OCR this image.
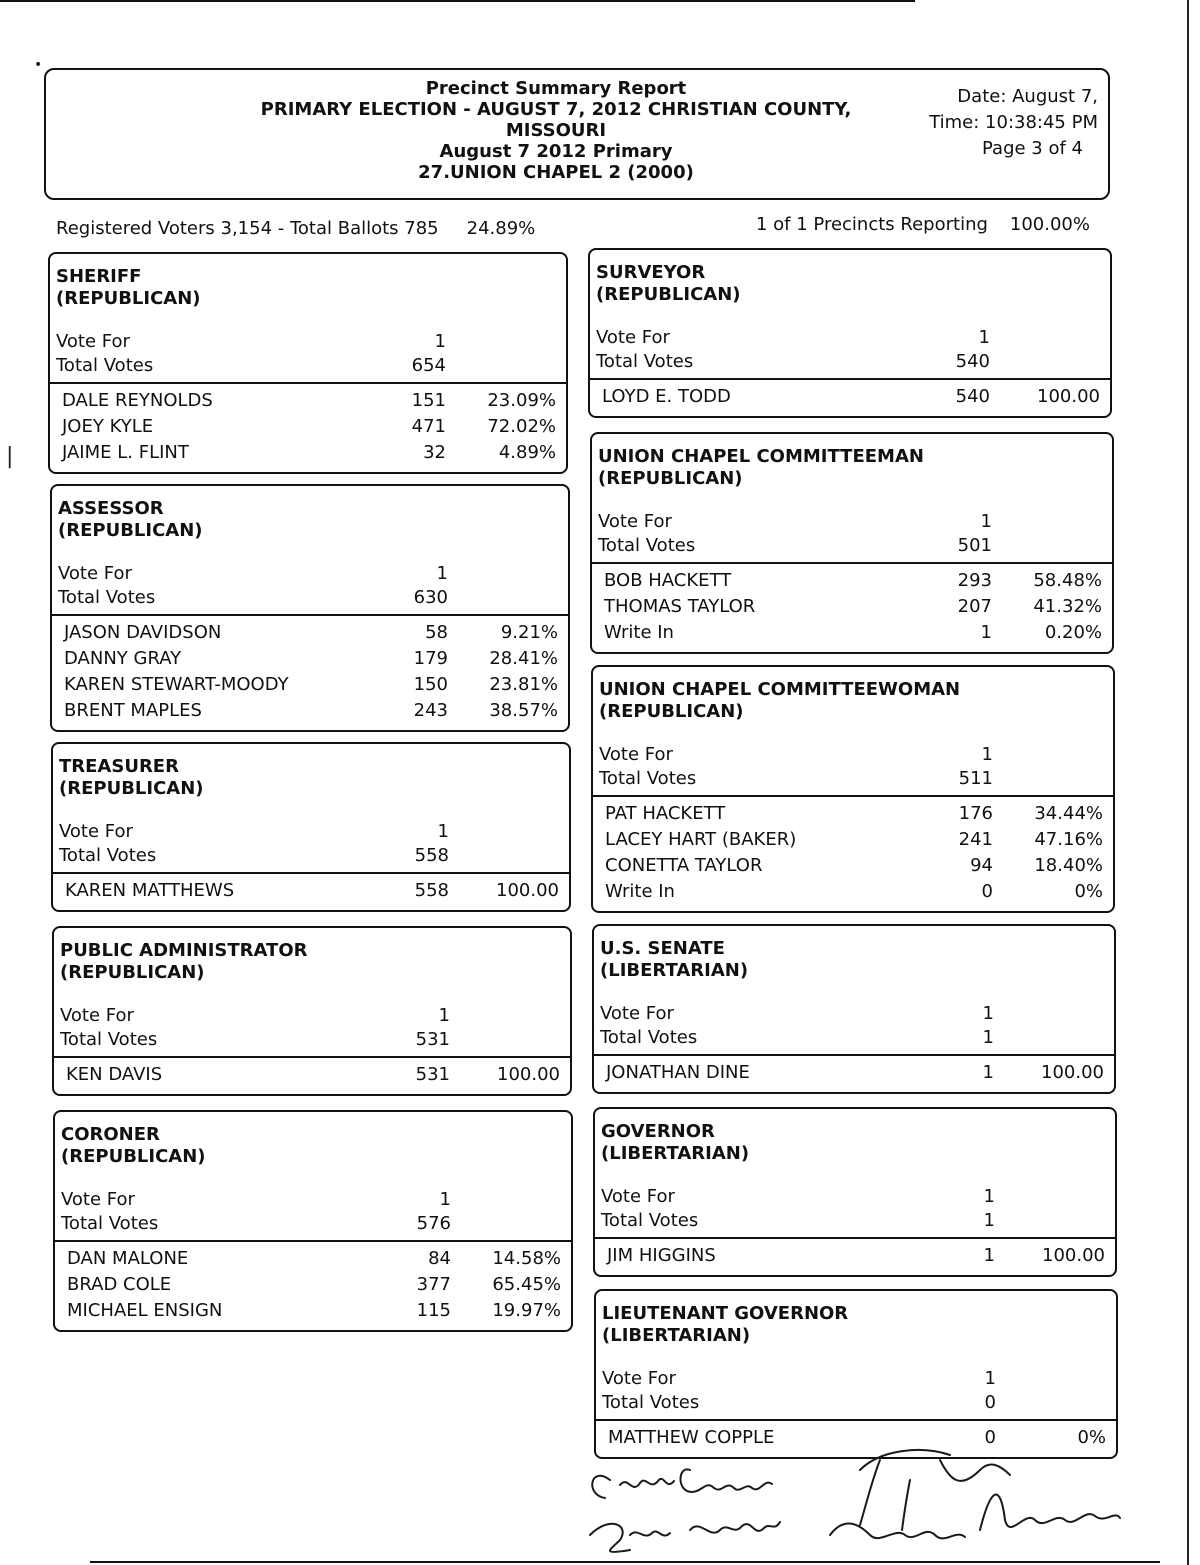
•
|
Precinct Summary Report
PRIMARY ELECTION - AUGUST 7, 2012 CHRISTIAN COUNTY,
MISSOURI
August 7 2012 Primary
27.UNION CHAPEL 2 (2000)
Date: August 7,
Time: 10:38:45 PM
Page 3 of 4
Registered Voters 3,154 - Total Ballots 785 24.89%	1 of 1 Precincts Reporting 100.00%
SHERIFF
(REPUBLICAN)
Vote For	1
Total Votes	654
DALE REYNOLDS	151 23.09%
JOEY KYLE	471 72.02%
JAIME L. FLINT	32	4.89%
ASSESSOR
(REPUBLICAN)
Vote For	1
Total Votes	630
JASON DAVIDSON	58	9.21%
DANNY GRAY	179 28.41%
KAREN STEWART-MOODY	150 23.81%
BRENT MAPLES	243 38.57%
TREASURER
(REPUBLICAN)
Vote For	1
Total Votes	558
KAREN MATTHEWS	558	100.00
PUBLIC ADMINISTRATOR
(REPUBLICAN)
Vote For	1
Total Votes	531
KEN DAVIS	531	100.00
CORONER
(REPUBLICAN)
Vote For	1
Total Votes	576
DAN MALONE	84 14.58%
BRAD COLE	377 65.45%
MICHAEL ENSIGN	115 19.97%
SURVEYOR
(REPUBLICAN)
Vote For	1
Total Votes	540
LOYD E. TODD	540	100.00
UNION CHAPEL COMMITTEEMAN
(REPUBLICAN)
Vote For	1
Total Votes	501
BOB HACKETT	293 58.48%
THOMAS TAYLOR	207 41.32%
Write In	1	0.20%
UNION CHAPEL COMMITTEEWOMAN
(REPUBLICAN)
Vote For	1
Total Votes	511
PAT HACKETT	176 34.44%
LACEY HART (BAKER)	241 47.16%
CONETTA TAYLOR	94 18.40%
Write In	0	0%
U.S. SENATE
(LIBERTARIAN)
Vote For	1
Total Votes	1
JONATHAN DINE	1	100.00
GOVERNOR
(LIBERTARIAN)
Vote For	1
Total Votes	1
JIM HIGGINS	1	100.00
LIEUTENANT GOVERNOR
(LIBERTARIAN)
Vote For	1
Total Votes	0
MATTHEW COPPLE	0	0%
